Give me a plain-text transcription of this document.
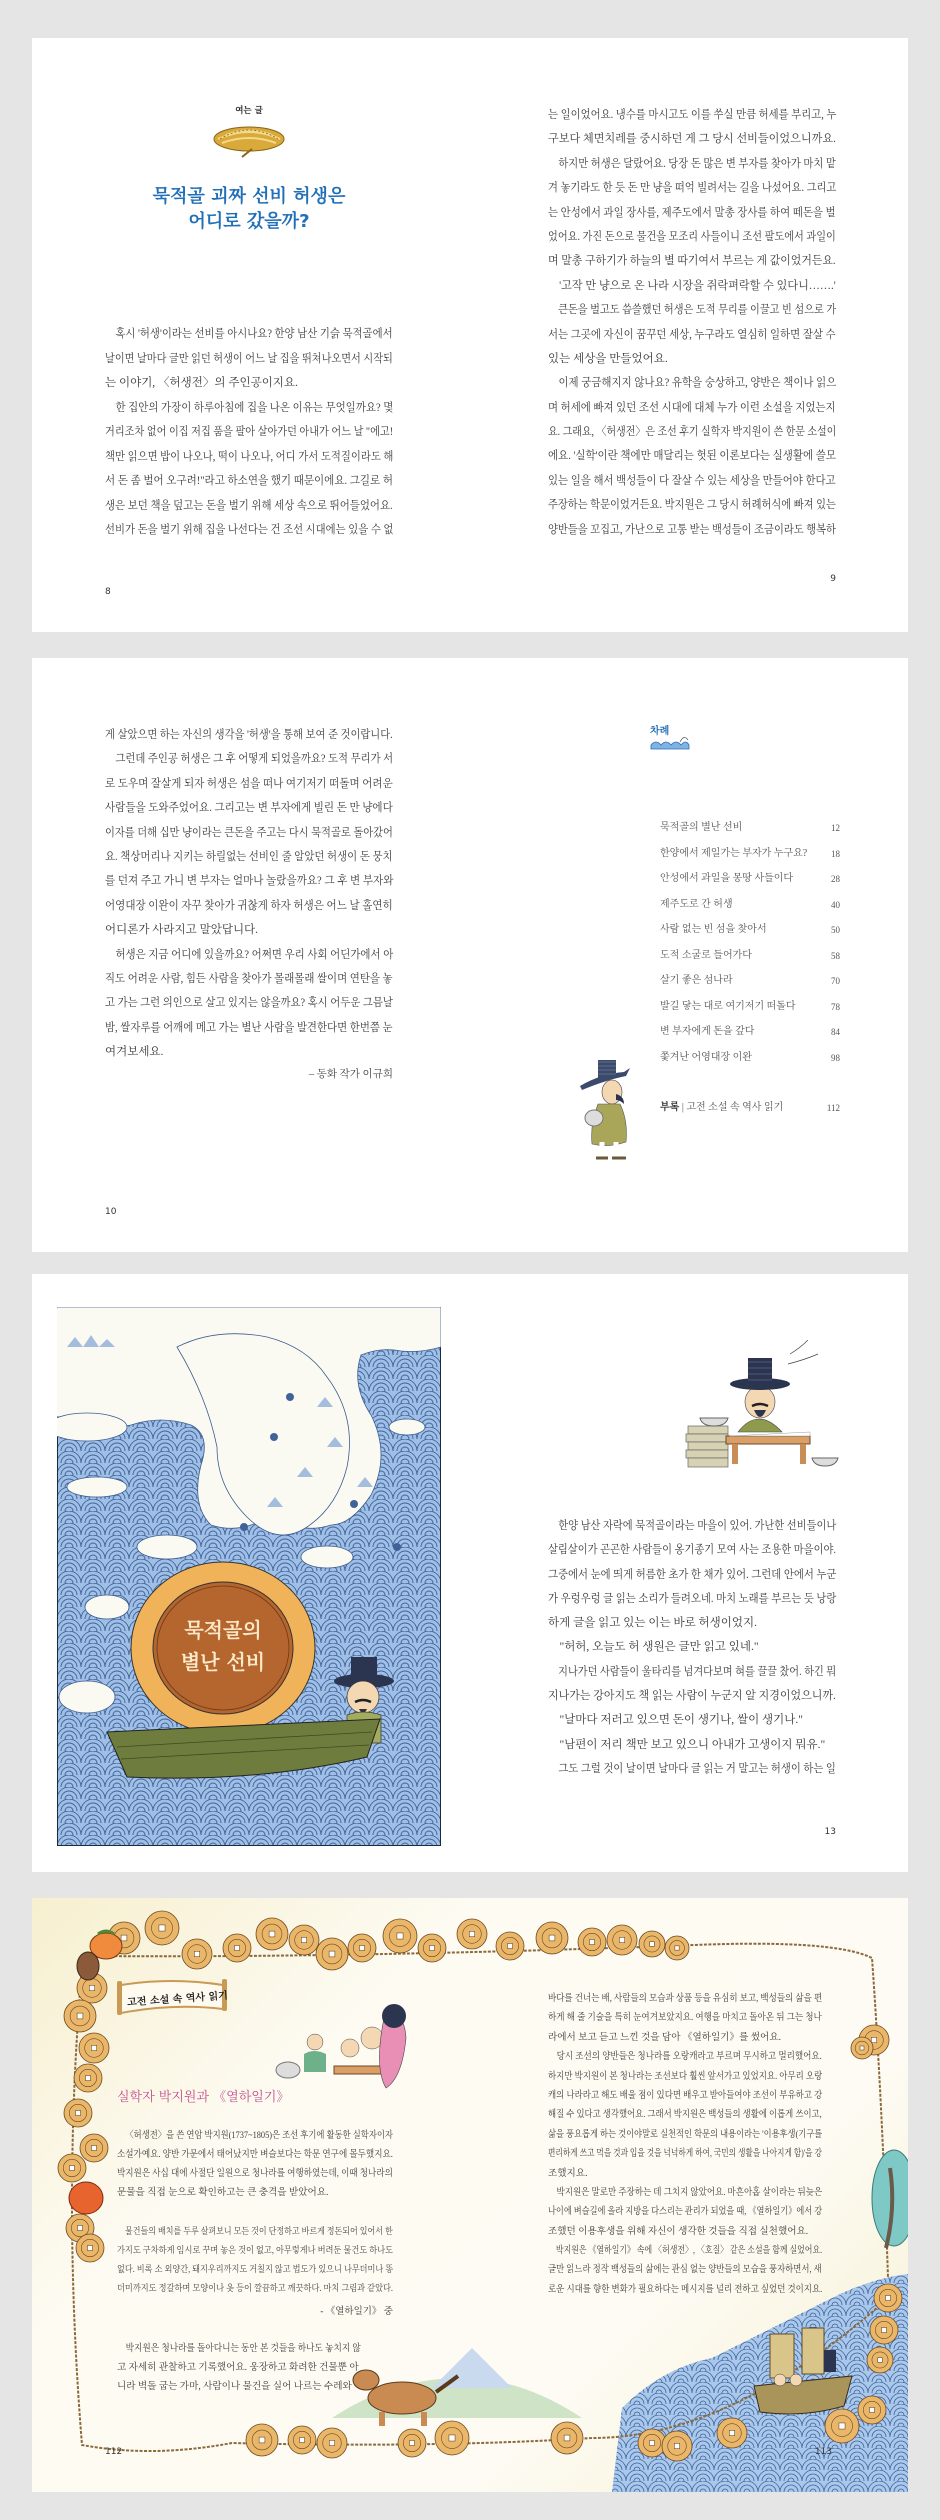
여는 글
묵적골 괴짜 선비 허생은
어디로 갔을까?
혹시 '허생'이라는 선비를 아시나요? 한양 남산 기슭 묵적골에서
날이면 날마다 글만 읽던 허생이 어느 날 집을 뛰쳐나오면서 시작되
는 이야기, 〈허생전〉의 주인공이지요.
한 집안의 가장이 하루아침에 집을 나온 이유는 무엇일까요? 몇
거리조차 없어 이집 저집 품을 팔아 살아가던 아내가 어느 날 "에고!
책만 읽으면 밥이 나오나, 떡이 나오나, 어디 가서 도적질이라도 해
서 돈 좀 벌어 오구려!"라고 하소연을 했기 때문이에요. 그길로 허
생은 보던 책을 덮고는 돈을 벌기 위해 세상 속으로 뛰어들었어요.
선비가 돈을 벌기 위해 집을 나선다는 건 조선 시대에는 있을 수 없
8
는 일이었어요. 냉수를 마시고도 이를 쑤실 만큼 허세를 부리고, 누
구보다 체면치레를 중시하던 게 그 당시 선비들이었으니까요.
하지만 허생은 달랐어요. 당장 돈 많은 변 부자를 찾아가 마치 맡
겨 놓기라도 한 듯 돈 만 냥을 떠억 빌려서는 길을 나섰어요. 그리고
는 안성에서 과일 장사를, 제주도에서 말총 장사를 하여 떼돈을 벌
었어요. 가진 돈으로 물건을 모조리 사들이니 조선 팔도에서 과일이
며 말총 구하기가 하늘의 별 따기여서 부르는 게 값이었거든요.
'고작 만 냥으로 온 나라 시장을 쥐락펴락할 수 있다니…….'
큰돈을 벌고도 씁쓸했던 허생은 도적 무리를 이끌고 빈 섬으로 가
서는 그곳에 자신이 꿈꾸던 세상, 누구라도 열심히 일하면 잘살 수
있는 세상을 만들었어요.
이제 궁금해지지 않나요? 유학을 숭상하고, 양반은 책이나 읽으
며 허세에 빠져 있던 조선 시대에 대체 누가 이런 소설을 지었는지
요. 그래요, 〈허생전〉은 조선 후기 실학자 박지원이 쓴 한문 소설이
에요. '실학'이란 책에만 매달리는 헛된 이론보다는 실생활에 쓸모
있는 일을 해서 백성들이 다 잘살 수 있는 세상을 만들어야 한다고
주장하는 학문이었거든요. 박지원은 그 당시 허례허식에 빠져 있는
양반들을 꼬집고, 가난으로 고통 받는 백성들이 조금이라도 행복하
9
게 살았으면 하는 자신의 생각을 '허생'을 통해 보여 준 것이랍니다.
그런데 주인공 허생은 그 후 어떻게 되었을까요? 도적 무리가 서
로 도우며 잘살게 되자 허생은 섬을 떠나 여기저기 떠돌며 어려운
사람들을 도와주었어요. 그리고는 변 부자에게 빌린 돈 만 냥에다
이자를 더해 십만 냥이라는 큰돈을 주고는 다시 묵적골로 돌아갔어
요. 책상머리나 지키는 하릴없는 선비인 줄 알았던 허생이 돈 뭉치
를 던져 주고 가니 변 부자는 얼마나 놀랐을까요? 그 후 변 부자와
어영대장 이완이 자꾸 찾아가 귀찮게 하자 허생은 어느 날 홀연히
어디론가 사라지고 말았답니다.
허생은 지금 어디에 있을까요? 어쩌면 우리 사회 어딘가에서 아
직도 어려운 사람, 힘든 사람을 찾아가 몰래몰래 쌀이며 연탄을 놓
고 가는 그런 의인으로 살고 있지는 않을까요? 혹시 어두운 그믐날
밤, 쌀자루를 어깨에 메고 가는 별난 사람을 발견한다면 한번쯤 눈
여겨보세요.
– 동화 작가 이규희
10
차례
묵적골의 별난 선비	12
한양에서 제일가는 부자가 누구요?	18
안성에서 과일을 몽땅 사들이다	28
제주도로 간 허생	40
사람 없는 빈 섬을 찾아서	50
도적 소굴로 들어가다	58
살기 좋은 섬나라	70
발길 닿는 대로 여기저기 떠돌다	78
변 부자에게 돈을 갚다	84
쫓겨난 어영대장 이완	98
부록 | 고전 소설 속 역사 읽기	112
묵적골의
별난 선비
한양 남산 자락에 묵적골이라는 마을이 있어. 가난한 선비들이나
살림살이가 곤곤한 사람들이 옹기종기 모여 사는 조용한 마을이야.
그중에서 눈에 띄게 허름한 초가 한 채가 있어. 그런데 안에서 누군
가 우렁우렁 글 읽는 소리가 들려오네. 마치 노래를 부르는 듯 낭랑
하게 글을 읽고 있는 이는 바로 허생이었지.
"허허, 오늘도 허 생원은 글만 읽고 있네."
지나가던 사람들이 울타리를 넘겨다보며 혀를 끌끌 찼어. 하긴 뭐
지나가는 강아지도 책 읽는 사람이 누군지 알 지경이었으니까.
"날마다 저러고 있으면 돈이 생기나, 쌀이 생기나."
"남편이 저리 책만 보고 있으니 아내가 고생이지 뭐유."
그도 그럴 것이 날이면 날마다 글 읽는 거 말고는 허생이 하는 일
13
고전 소설 속 역사 읽기
실학자 박지원과 《열하일기》
〈허생전〉을 쓴 연암 박지원(1737~1805)은 조선 후기에 활동한 실학자이자
소설가예요. 양반 가문에서 태어났지만 벼슬보다는 학문 연구에 몰두했지요.
박지원은 사십 대에 사절단 일원으로 청나라를 여행하였는데, 이때 청나라의
문물을 직접 눈으로 확인하고는 큰 충격을 받았어요.
물건들의 배치를 두루 살펴보니 모든 것이 단정하고 바르게 정돈되어 있어서 한
가지도 구차하게 임시로 꾸며 놓은 것이 없고, 아무렇게나 버려둔 물건도 하나도
없다. 비록 소 외양간, 돼지우리까지도 거칠지 않고 법도가 있으니 나무더미나 똥
더미까지도 정갈하며 모양이나 옷 등이 깔끔하고 깨끗하다. 마치 그림과 같았다.
- 《열하일기》 중
박지원은 청나라를 돌아다니는 동안 본 것들을 하나도 놓치지 않
고 자세히 관찰하고 기록했어요. 웅장하고 화려한 건물뿐 아
니라 벽돌 굽는 가마, 사람이나 물건을 실어 나르는 수레와
112
바다를 건너는 배, 사람들의 모습과 상품 등을 유심히 보고, 백성들의 삶을 편
하게 해 줄 기술을 특히 눈여겨보았지요. 여행을 마치고 돌아온 뒤 그는 청나
라에서 보고 듣고 느낀 것을 담아 《열하일기》를 썼어요.
당시 조선의 양반들은 청나라를 오랑캐라고 부르며 무시하고 멀리했어요.
하지만 박지원이 본 청나라는 조선보다 훨씬 앞서가고 있었지요. 아무리 오랑
캐의 나라라고 해도 배울 점이 있다면 배우고 받아들여야 조선이 부유하고 강
해질 수 있다고 생각했어요. 그래서 박지원은 백성들의 생활에 이롭게 쓰이고,
삶을 풍요롭게 하는 것이야말로 실천적인 학문의 내용이라는 '이용후생(기구를
편리하게 쓰고 먹을 것과 입을 것을 넉넉하게 하여, 국민의 생활을 나아지게 함)'을 강
조했지요.
박지원은 말로만 주장하는 데 그치지 않았어요. 마흔아홉 살이라는 뒤늦은
나이에 벼슬길에 올라 지방을 다스리는 관리가 되었을 때, 《열하일기》에서 강
조했던 이용후생을 위해 자신이 생각한 것들을 직접 실천했어요.
박지원은 《열하일기》 속에 〈허생전〉, 〈호질〉 같은 소설을 함께 실었어요.
글만 읽느라 정작 백성들의 삶에는 관심 없는 양반들의 모습을 풍자하면서, 새
로운 시대를 향한 변화가 필요하다는 메시지를 널리 전하고 싶었던 것이지요.
113
